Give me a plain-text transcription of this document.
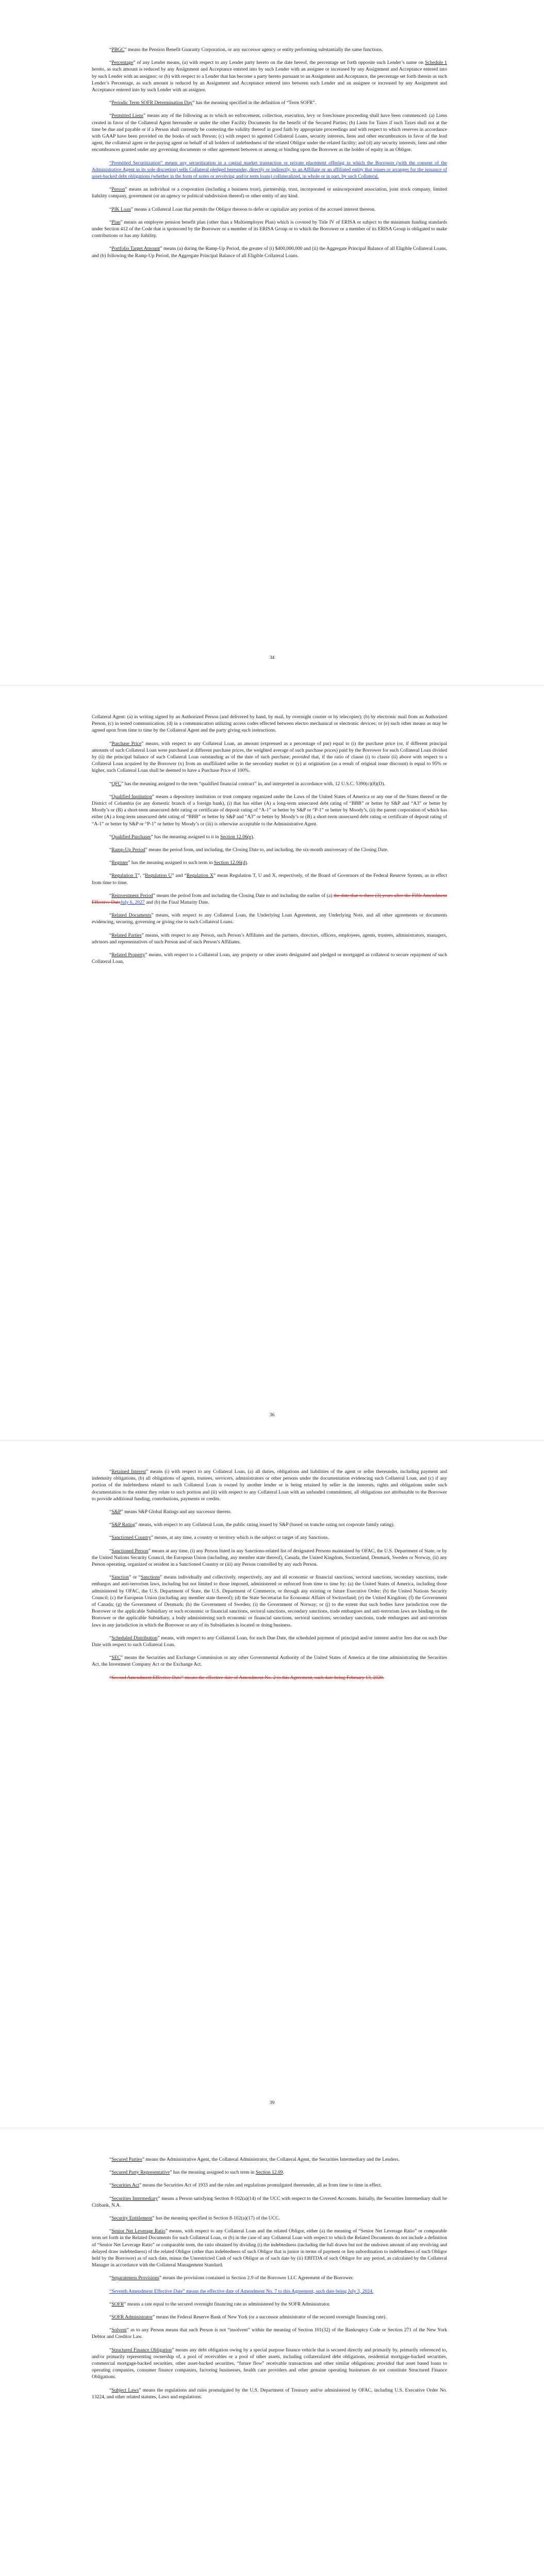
“PBGC” means the Pension Benefit Guaranty Corporation, or any successor agency or entity performing substantially the same functions.

“Percentage” of any Lender means, (a) with respect to any Lender party hereto on the date hereof, the percentage set forth opposite such Lender’s name on Schedule 1 hereto, as such amount is reduced by any Assignment and Acceptance entered into by such Lender with an assignee or increased by any Assignment and Acceptance entered into by such Lender with an assignor; or (b) with respect to a Lender that has become a party hereto pursuant to an Assignment and Acceptance, the percentage set forth therein as such Lender’s Percentage, as such amount is reduced by an Assignment and Acceptance entered into between such Lender and an assignee or increased by any Assignment and Acceptance entered into by such Lender with an assignor.

“Periodic Term SOFR Determination Day” has the meaning specified in the definition of “Term SOFR”.

“Permitted Liens” means any of the following as to which no enforcement, collection, execution, levy or foreclosure proceeding shall have been commenced: (a) Liens created in favor of the Collateral Agent hereunder or under the other Facility Documents for the benefit of the Secured Parties; (b) Liens for Taxes if such Taxes shall not at the time be due and payable or if a Person shall currently be contesting the validity thereof in good faith by appropriate proceedings and with respect to which reserves in accordance with GAAP have been provided on the books of such Person; (c) with respect to agented Collateral Loans, security interests, liens and other encumbrances in favor of the lead agent, the collateral agent or the paying agent on behalf of all holders of indebtedness of the related Obligor under the related facility; and (d) any security interests, liens and other encumbrances granted under any governing documents or other agreement between or among or binding upon the Borrower as the holder of equity in an Obligor.

“Permitted Securitization” means any securitization in a capital market transaction or private placement offering in which the Borrower (with the consent of the Administrative Agent in its sole discretion) sells Collateral pledged hereunder, directly or indirectly, to an Affiliate or an affiliated entity that issues or arranges for the issuance of asset-backed debt obligations (whether in the form of notes or revolving and/or term loans) collateralized, in whole or in part, by such Collateral.

“Person” means an individual or a corporation (including a business trust), partnership, trust, incorporated or unincorporated association, joint stock company, limited liability company, government (or an agency or political subdivision thereof) or other entity of any kind.

“PIK Loan” means a Collateral Loan that permits the Obligor thereon to defer or capitalize any portion of the accrued interest thereon.

“Plan” means an employee pension benefit plan (other than a Multiemployer Plan) which is covered by Title IV of ERISA or subject to the minimum funding standards under Section 412 of the Code that is sponsored by the Borrower or a member of its ERISA Group or to which the Borrower or a member of its ERISA Group is obligated to make contributions or has any liability.

“Portfolio Target Amount” means (a) during the Ramp-Up Period, the greater of (i) $400,000,000 and (ii) the Aggregate Principal Balance of all Eligible Collateral Loans, and (b) following the Ramp-Up Period, the Aggregate Principal Balance of all Eligible Collateral Loans.

34

Collateral Agent: (a) in writing signed by an Authorized Person (and delivered by hand, by mail, by overnight courier or by telecopier); (b) by electronic mail from an Authorized Person, (c) in tested communication; (d) in a communication utilizing access codes effected between electro mechanical or electronic devices; or (e) such other means as may be agreed upon from time to time by the Collateral Agent and the party giving such instructions.

“Purchase Price” means, with respect to any Collateral Loan, an amount (expressed as a percentage of par) equal to (i) the purchase price (or, if different principal amounts of such Collateral Loan were purchased at different purchase prices, the weighted average of such purchase prices) paid by the Borrower for such Collateral Loan divided by (ii) the principal balance of such Collateral Loan outstanding as of the date of such purchase; provided that, if the ratio of clause (i) to clause (ii) above with respect to a Collateral Loan acquired by the Borrower (x) from an unaffiliated seller in the secondary market or (y) at origination (as a result of original issue discount) is equal to 95% or higher, such Collateral Loan shall be deemed to have a Purchase Price of 100%.

“QFC” has the meaning assigned to the term “qualified financial contract” in, and interpreted in accordance with, 12 U.S.C. 5390(c)(8)(D).

“Qualified Institution” means a depository institution or trust company organized under the Laws of the United States of America or any one of the States thereof or the District of Columbia (or any domestic branch of a foreign bank), (i) that has either (A) a long-term unsecured debt rating of “BBB” or better by S&P and “A3” or better by Moody’s or (B) a short-term unsecured debt rating or certificate of deposit rating of “A-1” or better by S&P or “P-1” or better by Moody’s, (ii) the parent corporation of which has either (A) a long-term unsecured debt rating of “BBB” or better by S&P and “A3” or better by Moody’s or (B) a short-term unsecured debt rating or certificate of deposit rating of “A-1” or better by S&P or “P-1” or better by Moody’s or (iii) is otherwise acceptable to the Administrative Agent.

“Qualified Purchaser” has the meaning assigned to it in Section 12.06(e).

“Ramp-Up Period” means the period from, and including, the Closing Date to, and including, the six-month anniversary of the Closing Date.

“Register” has the meaning assigned to such term in Section 12.06(d).

“Regulation T”, “Regulation U” and “Regulation X” mean Regulation T, U and X, respectively, of the Board of Governors of the Federal Reserve System, as in effect from time to time.

“Reinvestment Period” means the period from and including the Closing Date to and including the earlier of (a) the date that is three (3) years after the Fifth Amendment Effective DateJuly 6, 2027 and (b) the Final Maturity Date.

“Related Documents” means, with respect to any Collateral Loan, the Underlying Loan Agreement, any Underlying Note, and all other agreements or documents evidencing, securing, governing or giving rise to such Collateral Loans.

“Related Parties” means, with respect to any Person, such Person’s Affiliates and the partners, directors, officers, employees, agents, trustees, administrators, managers, advisors and representatives of such Person and of such Person’s Affiliates.

“Related Property” means, with respect to a Collateral Loan, any property or other assets designated and pledged or mortgaged as collateral to secure repayment of such Collateral Loan,

36

“Retained Interest” means (i) with respect to any Collateral Loan, (a) all duties, obligations and liabilities of the agent or seller thereunder, including payment and indemnity obligations, (b) all obligations of agents, trustees, servicers, administrators or other persons under the documentation evidencing such Collateral Loan, and (c) if any portion of the indebtedness related to such Collateral Loan is owned by another lender or is being retained by seller in the interests, rights and obligations under such documentation to the extent they relate to such portion and (ii) with respect to any Collateral Loan with an unfunded commitment, all obligations not attributable to the Borrower to provide additional funding, contributions, payments or credits.

“S&P” means S&P Global Ratings and any successor thereto.

“S&P Rating” means, with respect to any Collateral Loan, the public rating issued by S&P (based on tranche rating not corporate family rating).

“Sanctioned Country” means, at any time, a country or territory which is the subject or target of any Sanctions.

“Sanctioned Person” means at any time, (i) any Person listed in any Sanctions-related list of designated Persons maintained by OFAC, the U.S. Department of State, or by the United Nations Security Council, the European Union (including, any member state thereof), Canada, the United Kingdom, Switzerland, Denmark, Sweden or Norway, (ii) any Person operating, organized or resident in a Sanctioned Country or (iii) any Person controlled by any such Person.

“Sanction” or “Sanctions” means individually and collectively, respectively, any and all economic or financial sanctions, sectoral sanctions, secondary sanctions, trade embargos and anti-terrorism laws, including but not limited to those imposed, administered or enforced from time to time by: (a) the United States of America, including those administered by OFAC, the U.S. Department of State, the U.S. Department of Commerce, or through any existing or future Executive Order; (b) the United Nations Security Council; (c) the European Union (including any member state thereof); (d) the State Secretariat for Economic Affairs of Switzerland; (e) the United Kingdom; (f) the Government of Canada; (g) the Government of Denmark; (h) the Government of Sweden; (i) the Government of Norway; or (j) to the extent that such bodies have jurisdiction over the Borrower or the applicable Subsidiary or such economic or financial sanctions, sectoral sanctions, secondary sanctions, trade embargoes and anti-terrorism laws are binding on the Borrower or the applicable Subsidiary, a body administering such economic or financial sanctions, sectoral sanctions, secondary sanctions, trade embargoes and anti-terrorism laws in any jurisdiction in which the Borrower or any of its Subsidiaries is located or doing business.

“Scheduled Distribution” means, with respect to any Collateral Loan, for each Due Date, the scheduled payment of principal and/or interest and/or fees due on such Due Date with respect to such Collateral Loan.

“SEC” means the Securities and Exchange Commission or any other Governmental Authority of the United States of America at the time administrating the Securities Act, the Investment Company Act or the Exchange Act.

“Second Amendment Effective Date” means the effective date of Amendment No. 2 to this Agreement, such date being February 13, 2020.

39

“Secured Parties” means the Administrative Agent, the Collateral Administrator, the Collateral Agent, the Securities Intermediary and the Lenders.

“Secured Party Representative” has the meaning assigned to such term in Section 12.09.

“Securities Act” means the Securities Act of 1933 and the rules and regulations promulgated thereunder, all as from time to time in effect.

“Securities Intermediary” means a Person satisfying Section 8-102(a)(14) of the UCC with respect to the Covered Accounts. Initially, the Securities Intermediary shall be Citibank, N.A.

“Security Entitlement” has the meaning specified in Section 8-102(a)(17) of the UCC.

“Senior Net Leverage Ratio” means, with respect to any Collateral Loan and the related Obligor, either (a) the meaning of “Senior Net Leverage Ratio” or comparable term set forth in the Related Documents for such Collateral Loan, or (b) in the case of any Collateral Loan with respect to which the Related Documents do not include a definition of “Senior Net Leverage Ratio” or comparable term, the ratio obtained by dividing (i) the indebtedness (including the full drawn but not the undrawn amount of any revolving and delayed draw indebtedness) of the related Obligor (other than indebtedness of such Obligor that is junior in terms of payment or lien subordination to indebtedness of such Obligor held by the Borrower) as of such date, minus the Unrestricted Cash of such Obligor as of such date by (ii) EBITDA of such Obligor for any period, as calculated by the Collateral Manager in accordance with the Collateral Management Standard.

“Separateness Provisions” means the provisions contained in Section 2.9 of the Borrower LLC Agreement of the Borrower.

“Seventh Amendment Effective Date” means the effective date of Amendment No. 7 to this Agreement, such date being July 3, 2024.

“SOFR” means a rate equal to the secured overnight financing rate as administered by the SOFR Administrator.

“SOFR Administrator” means the Federal Reserve Bank of New York (or a successor administrator of the secured overnight financing rate).

“Solvent” as to any Person means that such Person is not “insolvent” within the meaning of Section 101(32) of the Bankruptcy Code or Section 271 of the New York Debtor and Creditor Law.

“Structured Finance Obligation” means any debt obligation owing by a special purpose finance vehicle that is secured directly and primarily by, primarily referenced to, and/or primarily representing ownership of, a pool of receivables or a pool of other assets, including collateralized debt obligations, residential mortgage-backed securities, commercial mortgage-backed securities, other asset-backed securities, “future flow” receivable transactions and other similar obligations; provided that asset based loans to operating companies, consumer finance companies, factoring businesses, health care providers and other genuine operating businesses do not constitute Structured Finance Obligations.

“Subject Laws” means the regulations and rules promulgated by the U.S. Department of Treasury and/or administered by OFAC, including U.S. Executive Order No. 13224, and other related statutes, Laws and regulations.
